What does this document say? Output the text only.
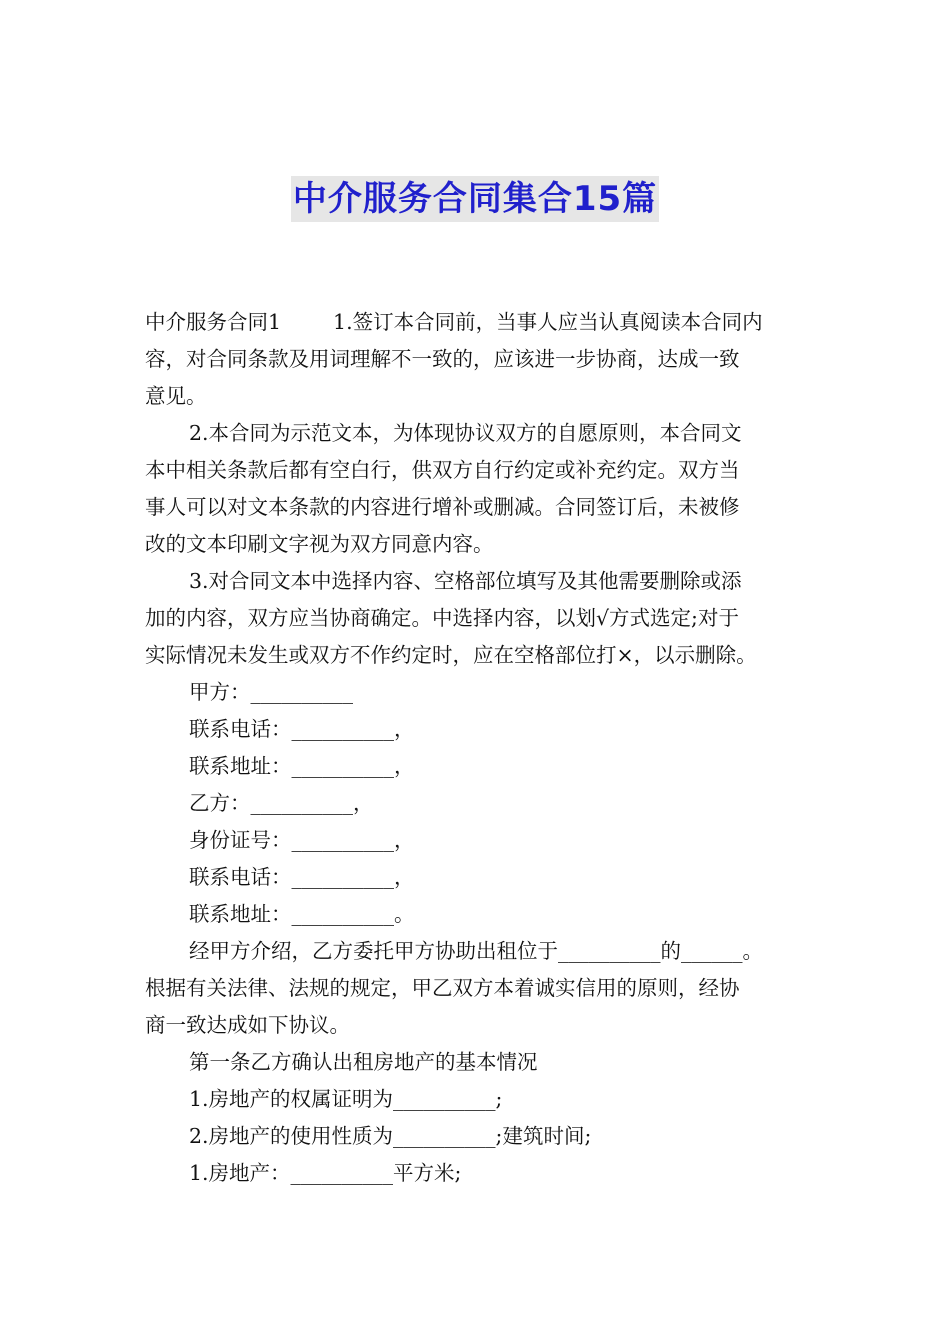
中介服务合同集合15篇

中介服务合同1	1.签订本合同前，当事人应当认真阅读本合同内

容，对合同条款及用词理解不一致的，应该进一步协商，达成一致

意见。

2.本合同为示范文本，为体现协议双方的自愿原则，本合同文

本中相关条款后都有空白行，供双方自行约定或补充约定。双方当

事人可以对文本条款的内容进行增补或删减。合同签订后，未被修

改的文本印刷文字视为双方同意内容。

3.对合同文本中选择内容、空格部位填写及其他需要删除或添

加的内容，双方应当协商确定。中选择内容，以划√方式选定;对于

实际情况未发生或双方不作约定时，应在空格部位打×，以示删除。

甲方：__________

联系电话：__________，

联系地址：__________，

乙方：__________，

身份证号：__________，

联系电话：__________，

联系地址：__________。

经甲方介绍，乙方委托甲方协助出租位于__________的______。

根据有关法律、法规的规定，甲乙双方本着诚实信用的原则，经协

商一致达成如下协议。

第一条乙方确认出租房地产的基本情况

1.房地产的权属证明为__________;

2.房地产的使用性质为__________;建筑时间;

1.房地产：__________平方米;
